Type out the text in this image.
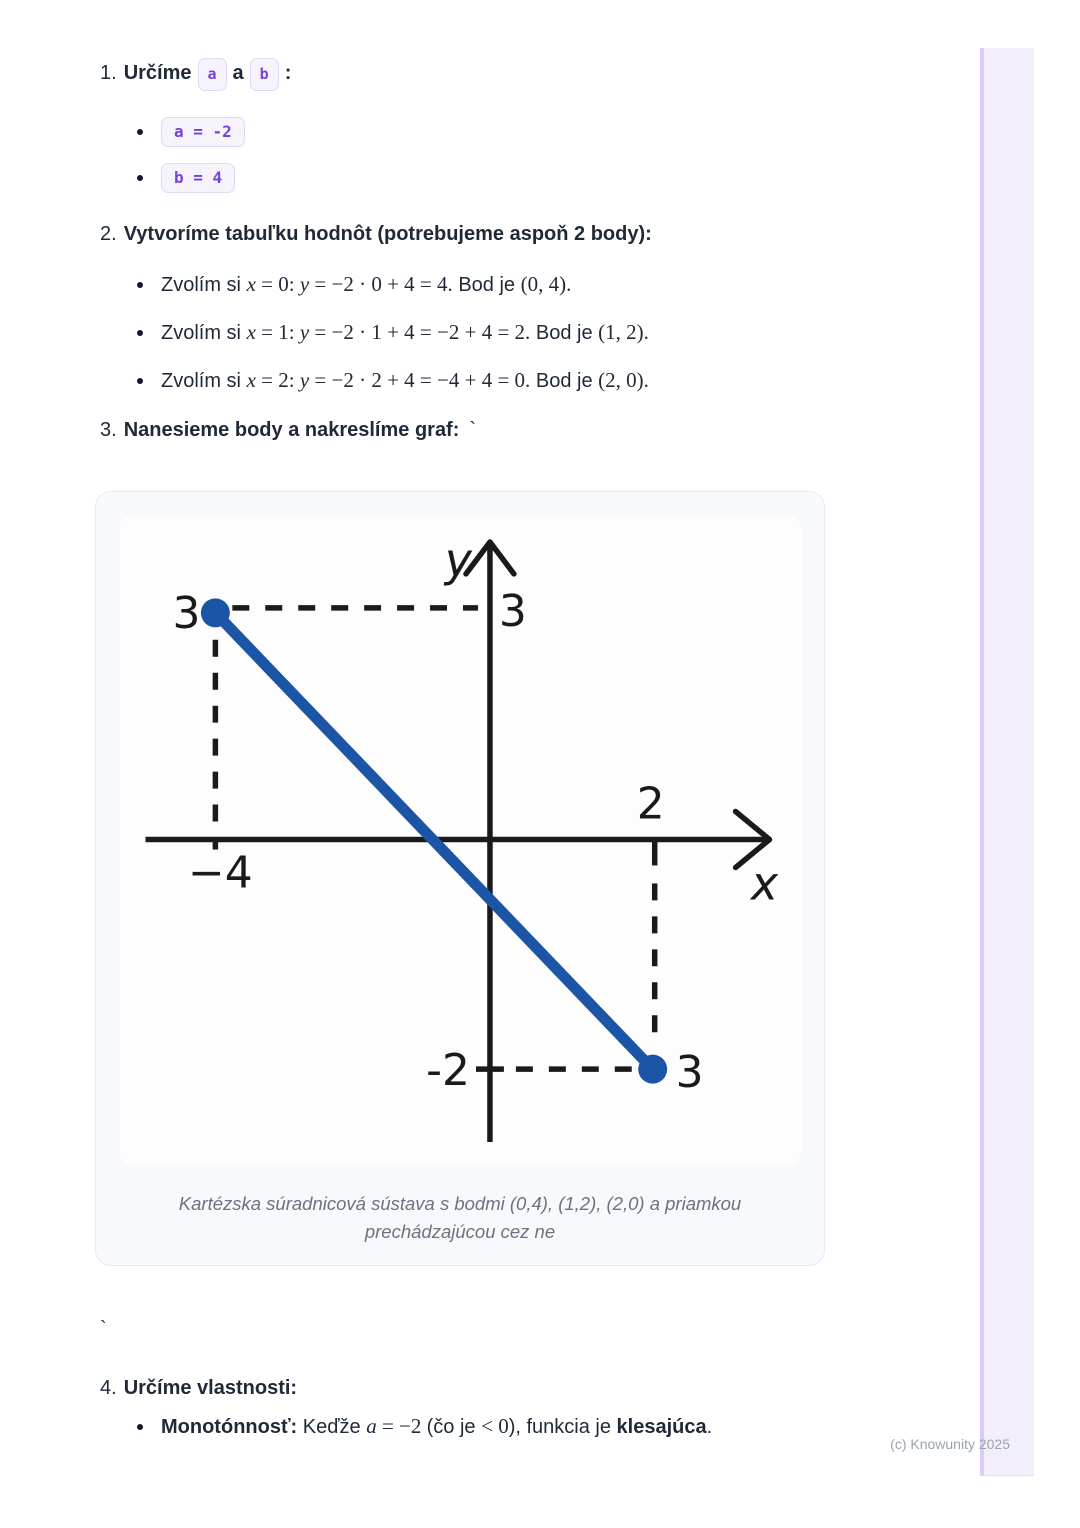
1. Určíme a a b :
a = -2
b = 4
2. Vytvoríme tabuľku hodnôt (potrebujeme aspoň 2 body):
Zvolím si x = 0: y = −2 · 0 + 4 = 4. Bod je (0, 4).
Zvolím si x = 1: y = −2 · 1 + 4 = −2 + 4 = 2. Bod je (1, 2).
Zvolím si x = 2: y = −2 · 2 + 4 = −4 + 4 = 0. Bod je (2, 0).
3. Nanesieme body a nakreslíme graf: `
y
x
3	3
−4
2
-2	3
Kartézska súradnicová sústava s bodmi (0,4), (1,2), (2,0) a priamkou prechádzajúcou cez ne
`
4. Určíme vlastnosti:
Monotónnosť: Keďže a = −2 (čo je < 0), funkcia je klesajúca.
(c) Knowunity 2025
